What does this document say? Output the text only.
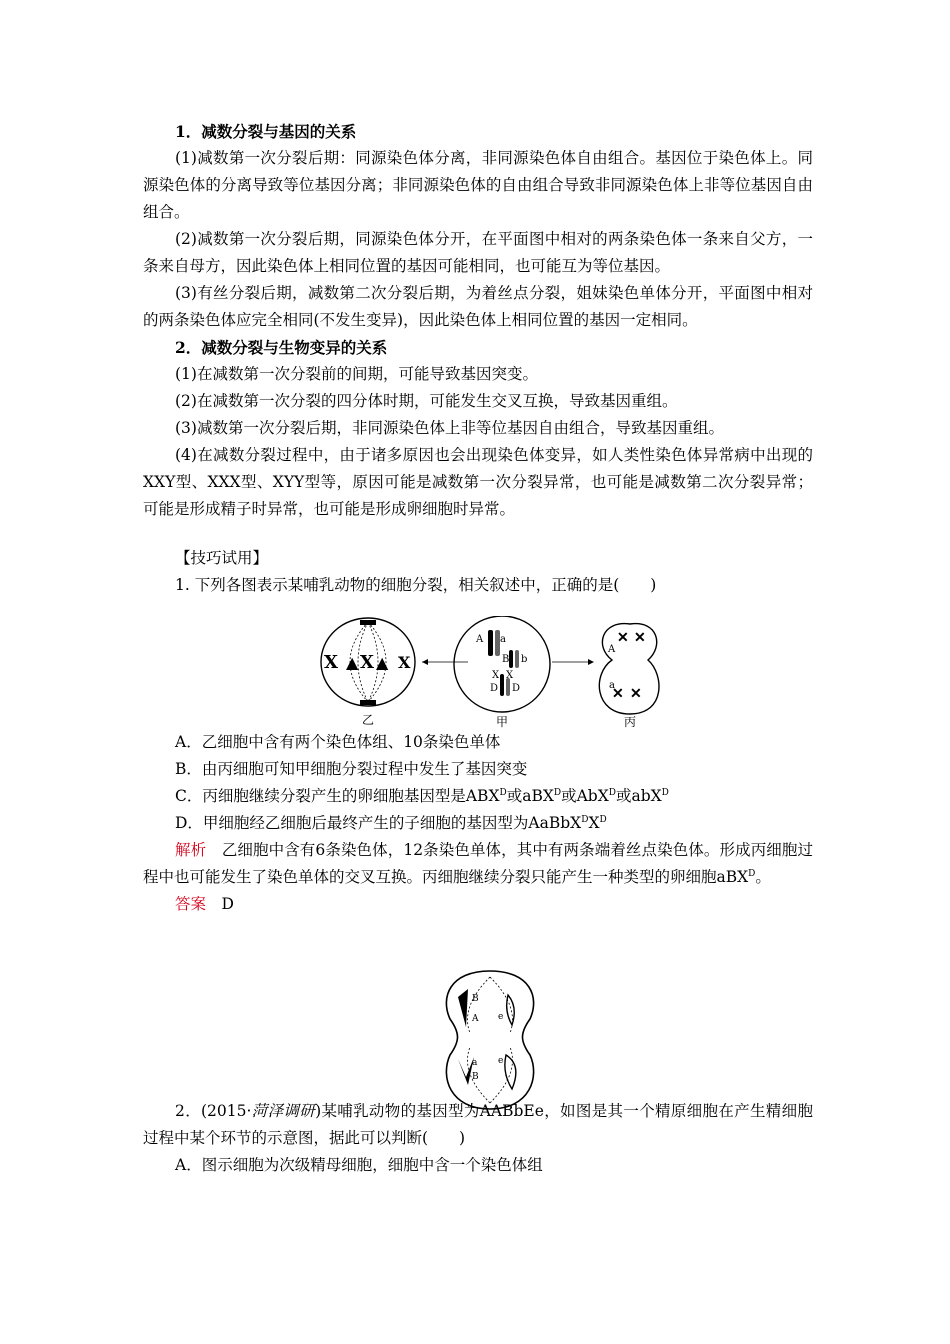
1．减数分裂与基因的关系

(1)减数第一次分裂后期：同源染色体分离，非同源染色体自由组合。基因位于染色体上。同源染色体的分离导致等位基因分离；非同源染色体的自由组合导致非同源染色体上非等位基因自由组合。

(2)减数第一次分裂后期，同源染色体分开，在平面图中相对的两条染色体一条来自父方，一条来自母方，因此染色体上相同位置的基因可能相同，也可能互为等位基因。

(3)有丝分裂后期，减数第二次分裂后期，为着丝点分裂，姐妹染色单体分开，平面图中相对的两条染色体应完全相同(不发生变异)，因此染色体上相同位置的基因一定相同。

2．减数分裂与生物变异的关系

(1)在减数第一次分裂前的间期，可能导致基因突变。

(2)在减数第一次分裂的四分体时期，可能发生交叉互换，导致基因重组。

(3)减数第一次分裂后期，非同源染色体上非等位基因自由组合，导致基因重组。

(4)在减数分裂过程中，由于诸多原因也会出现染色体变异，如人类性染色体异常病中出现的XXY型、XXX型、XYY型等，原因可能是减数第一次分裂异常，也可能是减数第二次分裂异常；可能是形成精子时异常，也可能是形成卵细胞时异常。

【技巧试用】

1. 下列各图表示某哺乳动物的细胞分裂，相关叙述中，正确的是(　　)

A．乙细胞中含有两个染色体组、10条染色单体

B．由丙细胞可知甲细胞分裂过程中发生了基因突变

C．丙细胞继续分裂产生的卵细胞基因型是$ABX^D$或aBX$^D$或AbX$^D$或abX$^D$

D．甲细胞经乙细胞后最终产生的子细胞的基因型为$AaBbX^DX^D$

解析　 乙细胞中含有6条染色体，12条染色单体，其中有两条端着丝点染色体。形成丙细胞过程中也可能发生了染色单体的交叉互换。丙细胞继续分裂只能产生一种类型的卵细胞aBX$^D$。

答案　 D

2．(2015·菏泽调研)某哺乳动物的基因型为AABbEe，如图是其一个精原细胞在产生精细胞过程中某个环节的示意图，据此可以判断(　　)

A．图示细胞为次级精母细胞，细胞中含一个染色体组

X ▲ X ▲ X
乙
A a
B b
X X
D D
甲
✕ ✕
✕ ✕
A
a
丙
B
A e
a
B
e
